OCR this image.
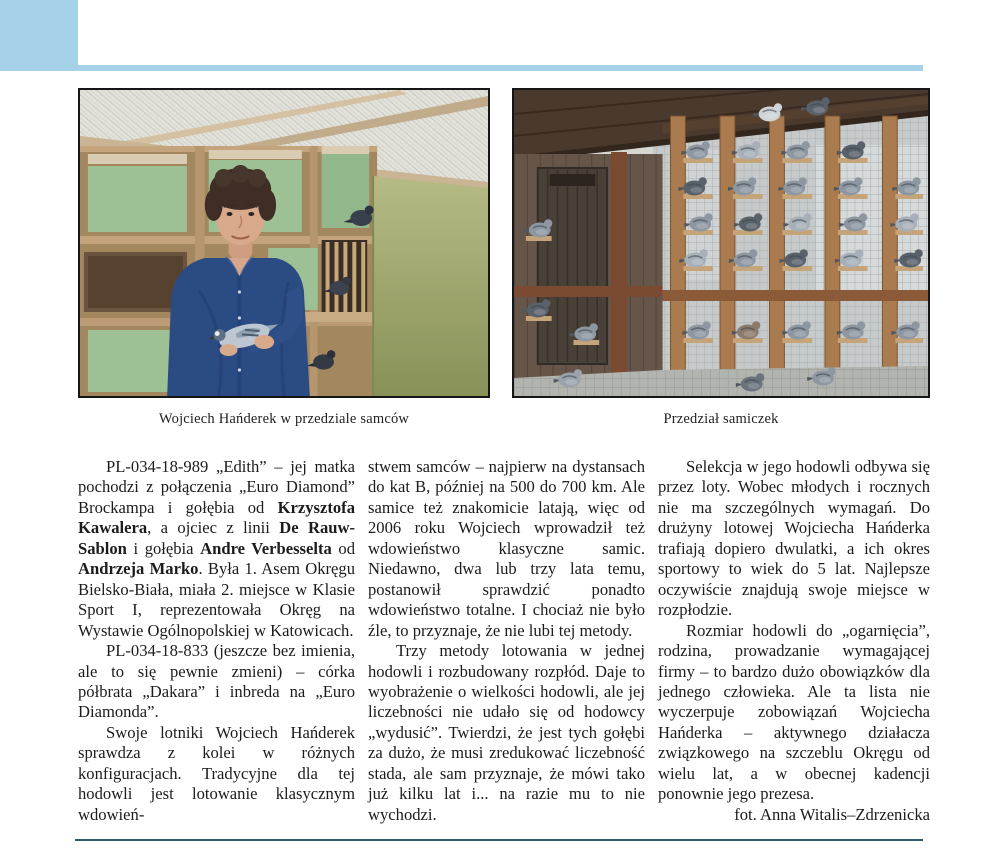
Wojciech Hańderek w przedziale samców	Przedział samiczek

PL-034-18-989 „Edith” – jej matka pochodzi z połączenia „Euro Diamond” Brockampa i gołębia od Krzysztofa Kawalera, a ojciec z linii De Rauw-Sablon i gołębia Andre Verbesselta od Andrzeja Marko. Była 1. Asem Okręgu Bielsko-Biała, miała 2. miejsce w Klasie Sport I, reprezentowała Okręg na Wystawie Ogólnopolskiej w Katowicach.

PL-034-18-833 (jeszcze bez imienia, ale to się pewnie zmieni) – córka półbrata „Dakara” i inbreda na „Euro Diamonda”.

Swoje lotniki Wojciech Hańderek sprawdza z kolei w różnych konfiguracjach. Tradycyjne dla tej hodowli jest lotowanie klasycznym wdowień-

stwem samców – najpierw na dystansach do kat B, później na 500 do 700 km. Ale samice też znakomicie latają, więc od 2006 roku Wojciech wprowadził też wdowieństwo klasyczne samic. Niedawno, dwa lub trzy lata temu, postanowił sprawdzić ponadto wdowieństwo totalne. I chociaż nie było źle, to przyznaje, że nie lubi tej metody.

Trzy metody lotowania w jednej hodowli i rozbudowany rozpłód. Daje to wyobrażenie o wielkości hodowli, ale jej liczebności nie udało się od hodowcy „wydusić”. Twierdzi, że jest tych gołębi za dużo, że musi zredukować liczebność stada, ale sam przyznaje, że mówi tako już kilku lat i... na razie mu to nie wychodzi.

Selekcja w jego hodowli odbywa się przez loty. Wobec młodych i rocznych nie ma szczególnych wymagań. Do drużyny lotowej Wojciecha Hańderka trafiają dopiero dwulatki, a ich okres sportowy to wiek do 5 lat. Najlepsze oczywiście znajdują swoje miejsce w rozpłodzie.

Rozmiar hodowli do „ogarnięcia”, rodzina, prowadzanie wymagającej firmy – to bardzo dużo obowiązków dla jednego człowieka. Ale ta lista nie wyczerpuje zobowiązań Wojciecha Hańderka – aktywnego działacza związkowego na szczeblu Okręgu od wielu lat, a w obecnej kadencji ponownie jego prezesa.

fot. Anna Witalis–Zdrzenicka
